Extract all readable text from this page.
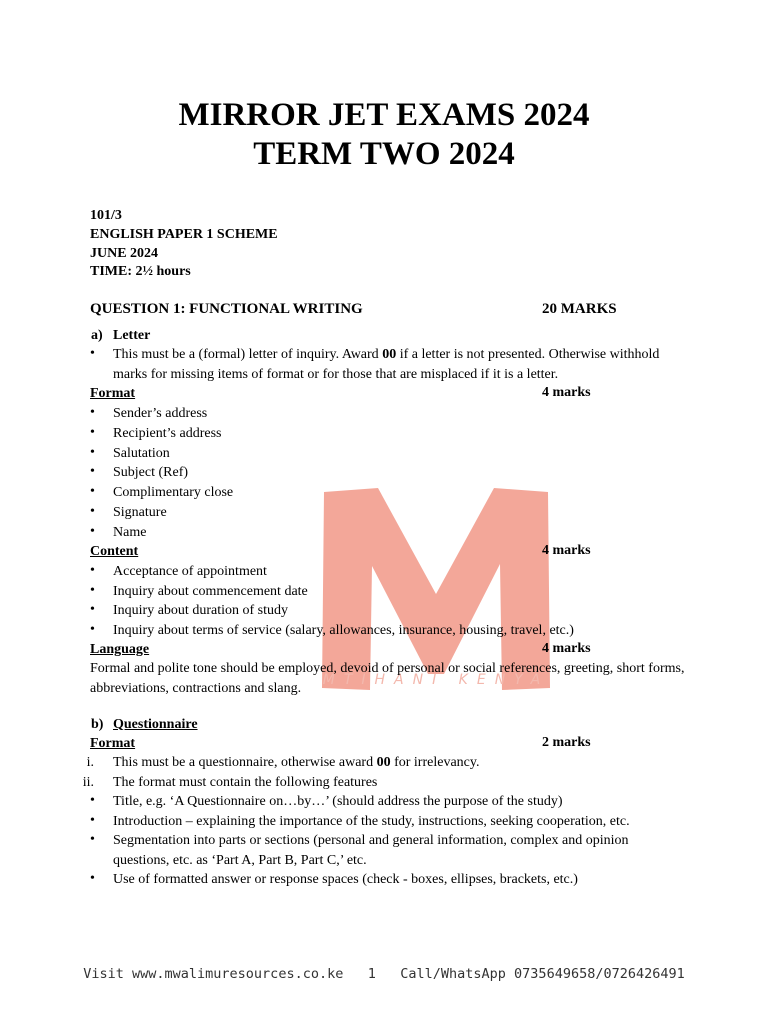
MTIHANI KENYA
MIRROR JET EXAMS 2024
TERM TWO 2024
101/3
ENGLISH PAPER 1 SCHEME
JUNE 2024
TIME: 2½ hours
QUESTION 1: FUNCTIONAL WRITING	20 MARKS
a) Letter
• This must be a (formal) letter of inquiry. Award 00 if a letter is not presented. Otherwise withhold
marks for missing items of format or for those that are misplaced if it is a letter.
Format	4 marks
• Sender’s address
• Recipient’s address
• Salutation
• Subject (Ref)
• Complimentary close
• Signature
• Name
Content	4 marks
• Acceptance of appointment
• Inquiry about commencement date
• Inquiry about duration of study
• Inquiry about terms of service (salary, allowances, insurance, housing, travel, etc.)
Language	4 marks
Formal and polite tone should be employed, devoid of personal or social references, greeting, short forms,
abbreviations, contractions and slang.
b) Questionnaire
Format	2 marks
i. This must be a questionnaire, otherwise award 00 for irrelevancy.
ii. The format must contain the following features
• Title, e.g. ‘A Questionnaire on…by…’ (should address the purpose of the study)
• Introduction – explaining the importance of the study, instructions, seeking cooperation, etc.
• Segmentation into parts or sections (personal and general information, complex and opinion
questions, etc. as ‘Part A, Part B, Part C,’ etc.
• Use of formatted answer or response spaces (check - boxes, ellipses, brackets, etc.)
Visit www.mwalimuresources.co.ke 1 Call/WhatsApp 0735649658/0726426491
